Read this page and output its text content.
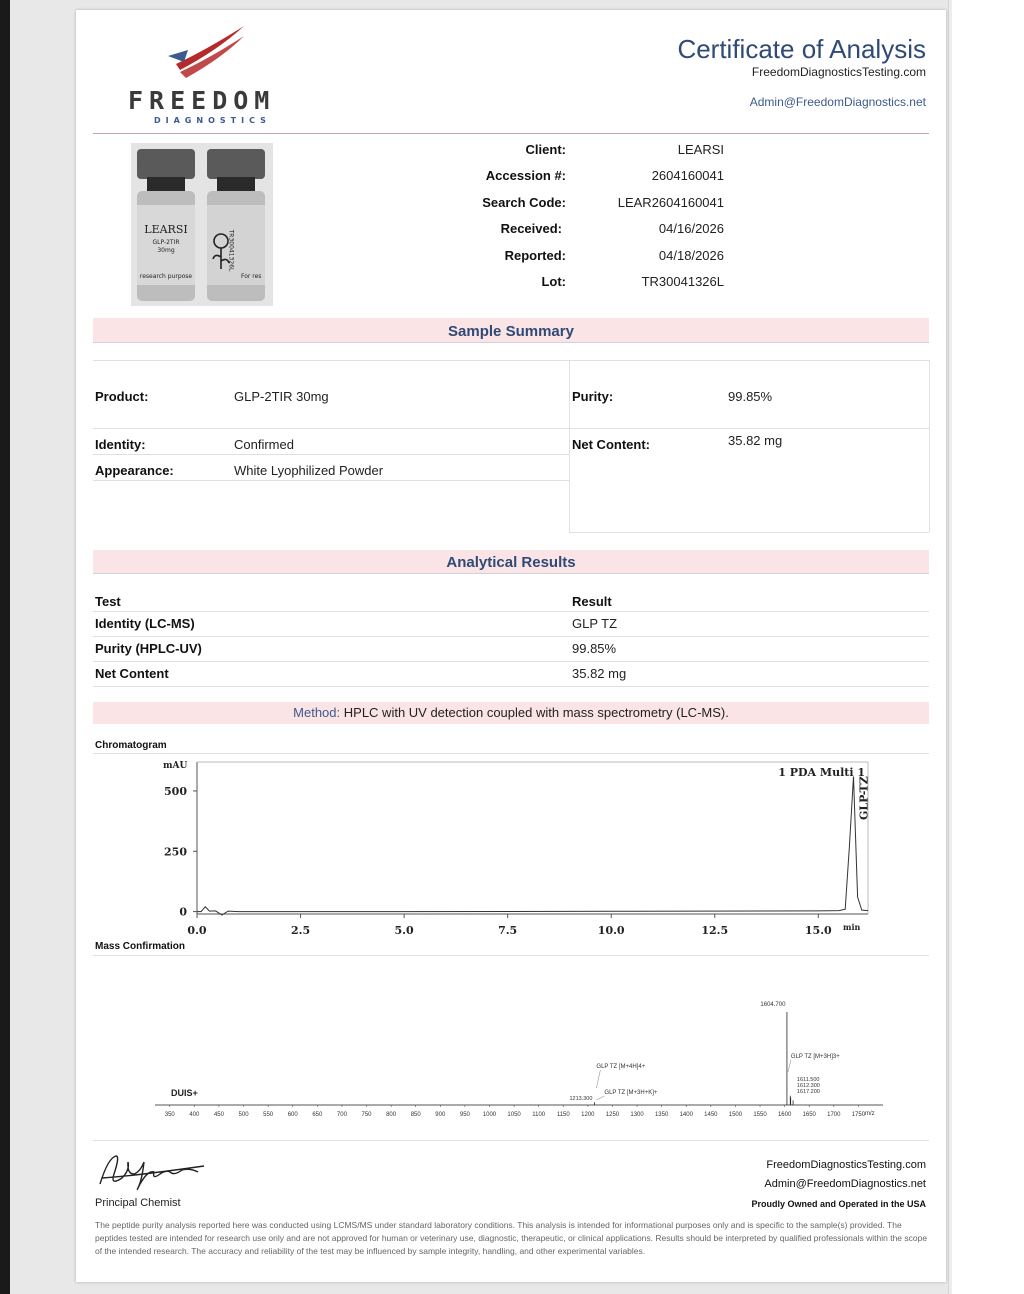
FREEDOM
DIAGNOSTICS
Certificate of Analysis
FreedomDiagnosticsTesting.com
Admin@FreedomDiagnostics.net
LEARSI
GLP-2TIR
30mg
research purpose
TR30041326L
For res
Client:	LEARSI
Accession #:	2604160041
Search Code:	LEAR2604160041
Received:	04/16/2026
Reported:	04/18/2026
Lot:	TR30041326L
Sample Summary
Product:	GLP-2TIR 30mg	Purity:	99.85%
Identity:	Confirmed	Net Content:	35.82 mg
Appearance:	White Lyophilized Powder
Analytical Results
Test	Result
Identity (LC-MS)	GLP TZ
Purity (HPLC-UV)	99.85%
Net Content	35.82 mg
Method: HPLC with UV detection coupled with mass spectrometry (LC-MS).
Chromatogram
mAU
500
250
0
0.0	2.5	5.0	7.5	10.0	12.5	15.0 min
1 PDA Multi 1
GLP-TZ
Mass Confirmation
DUIS+
350 400 450 500 550 600 650 700 750 800 850 900 950 1000 1050 1100 1150 1200 1250 1300 1350 1400 1450 1500 1550 1600 1650 1700 1750 m/z
1604.700
GLP TZ [M+3H]3+
1611.500
1612.300
1617.200
GLP TZ [M+4H]4+
1213.300
GLP TZ [M+3H+K]+
Principal Chemist
FreedomDiagnosticsTesting.com
Admin@FreedomDiagnostics.net
Proudly Owned and Operated in the USA
The peptide purity analysis reported here was conducted using LCMS/MS under standard laboratory conditions. This analysis is intended for informational purposes only and is specific to the sample(s) provided. The peptides tested are intended for research use only and are not approved for human or veterinary use, diagnostic, therapeutic, or clinical applications. Results should be interpreted by qualified professionals within the scope of the intended research. The accuracy and reliability of the test may be influenced by sample integrity, handling, and other experimental variables.
